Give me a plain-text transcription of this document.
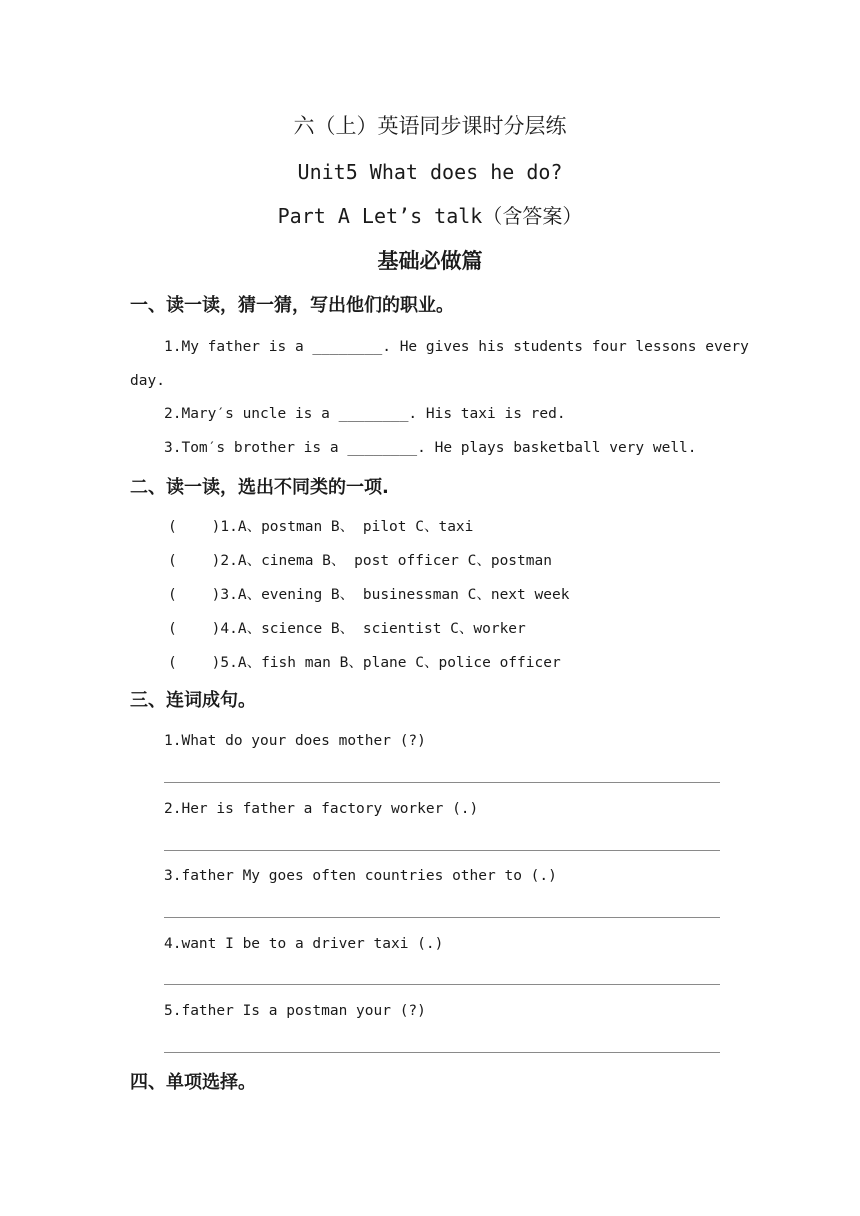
六（上）英语同步课时分层练
Unit5 What does he do?
Part A Let’s talk（含答案）
基础必做篇
一、读一读，猜一猜，写出他们的职业。
1.My father is a ________. He gives his students four lessons every
day.
2.Mary′s uncle is a ________. His taxi is red.
3.Tom′s brother is a ________. He plays basketball very well.
二、读一读，选出不同类的一项.
(    )1.A、postman B、 pilot C、taxi
(    )2.A、cinema B、 post officer C、postman
(    )3.A、evening B、 businessman C、next week
(    )4.A、science B、 scientist C、worker
(    )5.A、fish man B、plane C、police officer
三、连词成句。
1.What do your does mother (?)
2.Her is father a factory worker (.)
3.father My goes often countries other to (.)
4.want I be to a driver taxi (.)
5.father Is a postman your (?)
四、单项选择。
